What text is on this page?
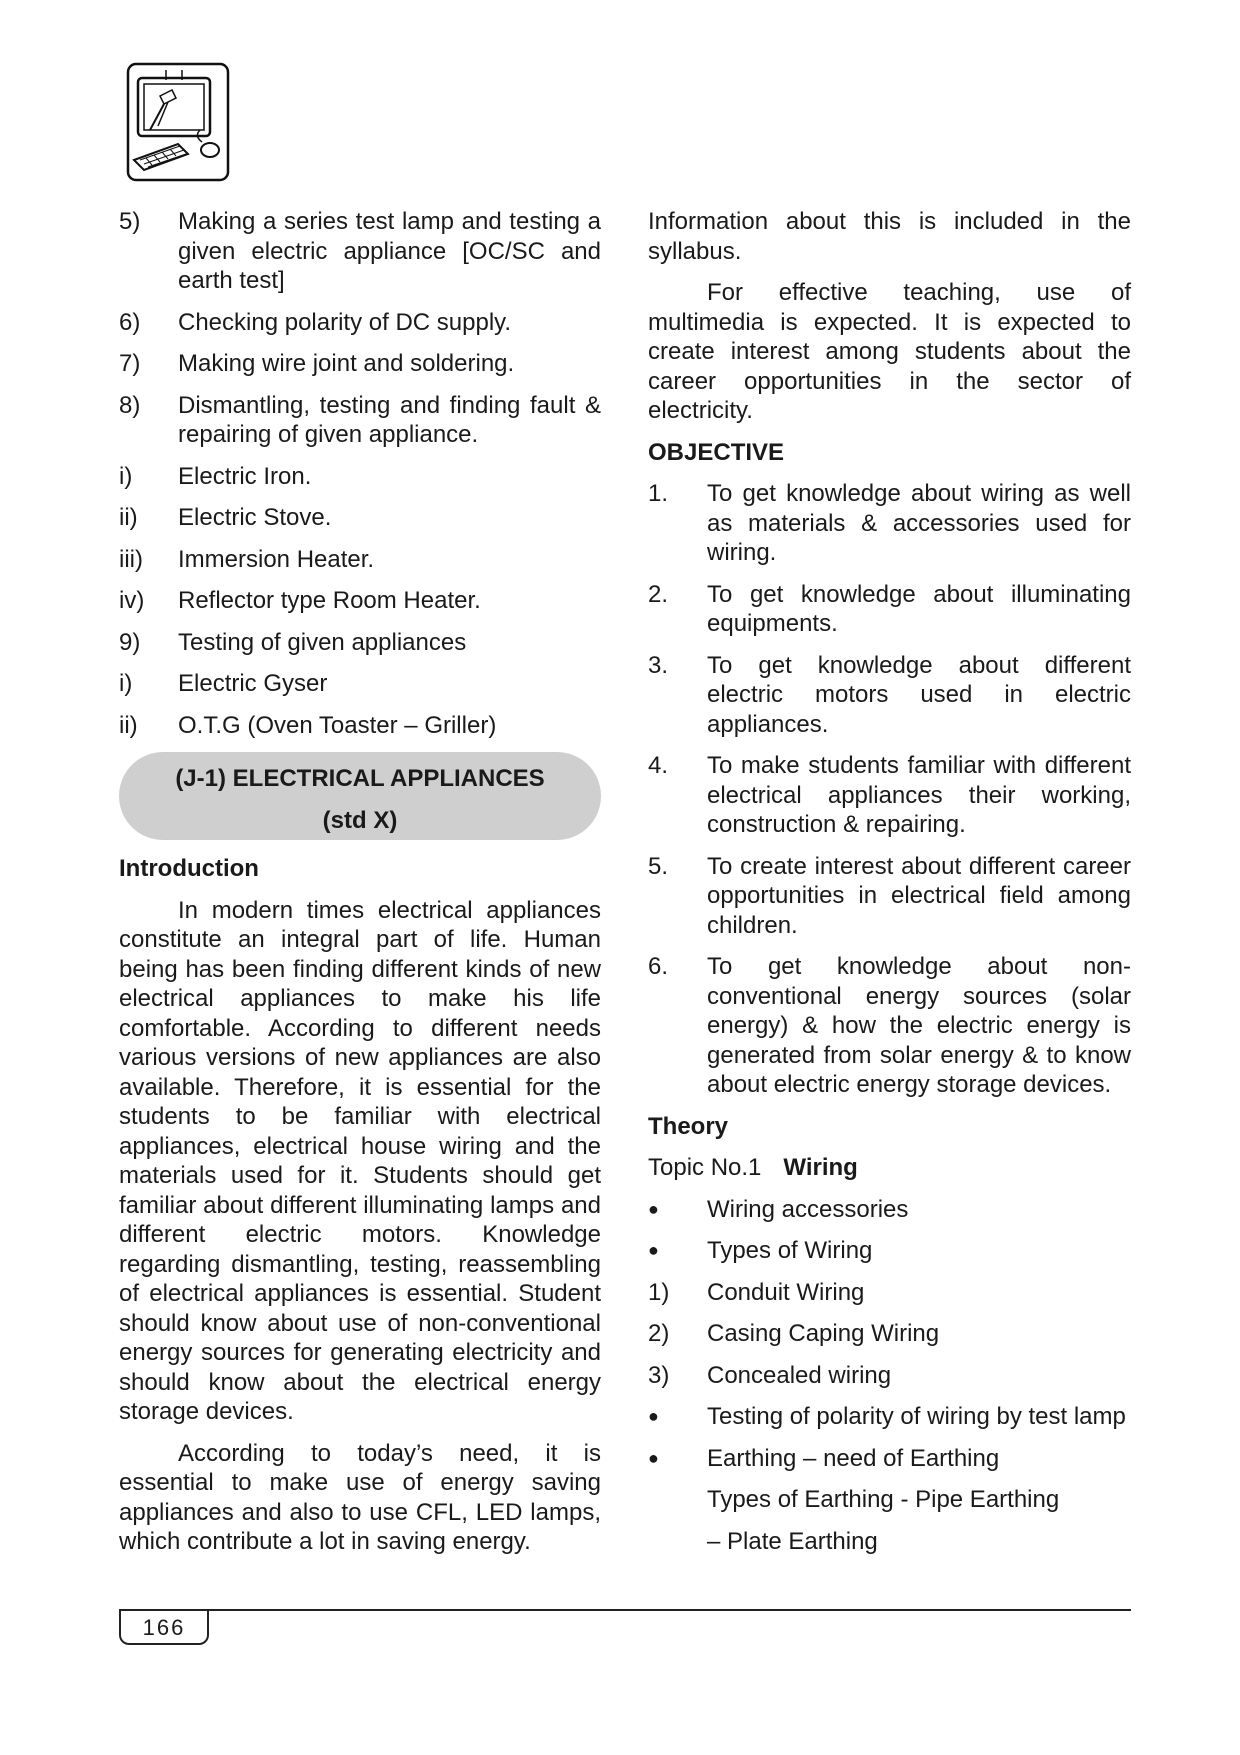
5) Making a series test lamp and testing a given electric appliance [OC/SC and earth test]
6) Checking polarity of DC supply.
7) Making wire joint and soldering.
8) Dismantling, testing and finding fault & repairing of given appliance.
i) Electric Iron.
ii) Electric Stove.
iii) Immersion Heater.
iv) Reflector type Room Heater.
9) Testing of given appliances
i) Electric Gyser
ii) O.T.G (Oven Toaster – Griller)
(J-1) ELECTRICAL APPLIANCES
(std X)
Introduction
In modern times electrical appliances constitute an integral part of life. Human being has been finding different kinds of new electrical appliances to make his life comfortable. According to different needs various versions of new appliances are also available. Therefore, it is essential for the students to be familiar with electrical appliances, electrical house wiring and the materials used for it. Students should get familiar about different illuminating lamps and different electric motors. Knowledge regarding dismantling, testing, reassembling of electrical appliances is essential. Student should know about use of non-conventional energy sources for generating electricity and should know about the electrical energy storage devices.
According to today’s need, it is essential to make use of energy saving appliances and also to use CFL, LED lamps, which contribute a lot in saving energy.
Information about this is included in the syllabus.
For effective teaching, use of multimedia is expected. It is expected to create interest among students about the career opportunities in the sector of electricity.
OBJECTIVE
1. To get knowledge about wiring as well as materials & accessories used for wiring.
2. To get knowledge about illuminating equipments.
3. To get knowledge about different electric motors used in electric appliances.
4. To make students familiar with different electrical appliances their working, construction & repairing.
5. To create interest about different career opportunities in electrical field among children.
6. To get knowledge about non-conventional energy sources (solar energy) & how the electric energy is generated from solar energy & to know about electric energy storage devices.
Theory
Topic No.1 Wiring
● Wiring accessories
● Types of Wiring
1) Conduit Wiring
2) Casing Caping Wiring
3) Concealed wiring
● Testing of polarity of wiring by test lamp
● Earthing – need of Earthing
Types of Earthing - Pipe Earthing
– Plate Earthing
166
